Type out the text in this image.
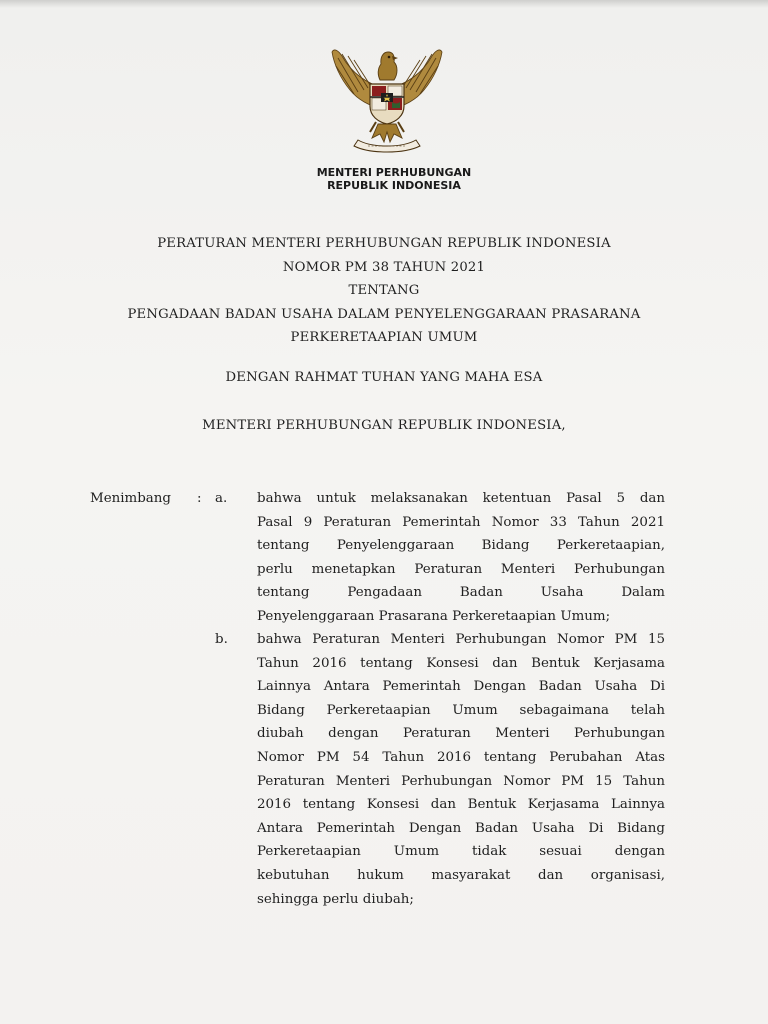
MENTERI PERHUBUNGAN
REPUBLIK INDONESIA
PERATURAN MENTERI PERHUBUNGAN REPUBLIK INDONESIA
NOMOR PM 38 TAHUN 2021
TENTANG
PENGADAAN BADAN USAHA DALAM PENYELENGGARAAN PRASARANA
PERKERETAAPIAN UMUM
DENGAN RAHMAT TUHAN YANG MAHA ESA
MENTERI PERHUBUNGAN REPUBLIK INDONESIA,
Menimbang : a. bahwa untuk melaksanakan ketentuan Pasal 5 dan
Pasal 9 Peraturan Pemerintah Nomor 33 Tahun 2021
tentang Penyelenggaraan Bidang Perkeretaapian,
perlu menetapkan Peraturan Menteri Perhubungan
tentang Pengadaan Badan Usaha Dalam
Penyelenggaraan Prasarana Perkeretaapian Umum;
b. bahwa Peraturan Menteri Perhubungan Nomor PM 15
Tahun 2016 tentang Konsesi dan Bentuk Kerjasama
Lainnya Antara Pemerintah Dengan Badan Usaha Di
Bidang Perkeretaapian Umum sebagaimana telah
diubah dengan Peraturan Menteri Perhubungan
Nomor PM 54 Tahun 2016 tentang Perubahan Atas
Peraturan Menteri Perhubungan Nomor PM 15 Tahun
2016 tentang Konsesi dan Bentuk Kerjasama Lainnya
Antara Pemerintah Dengan Badan Usaha Di Bidang
Perkeretaapian Umum tidak sesuai dengan
kebutuhan hukum masyarakat dan organisasi,
sehingga perlu diubah;
